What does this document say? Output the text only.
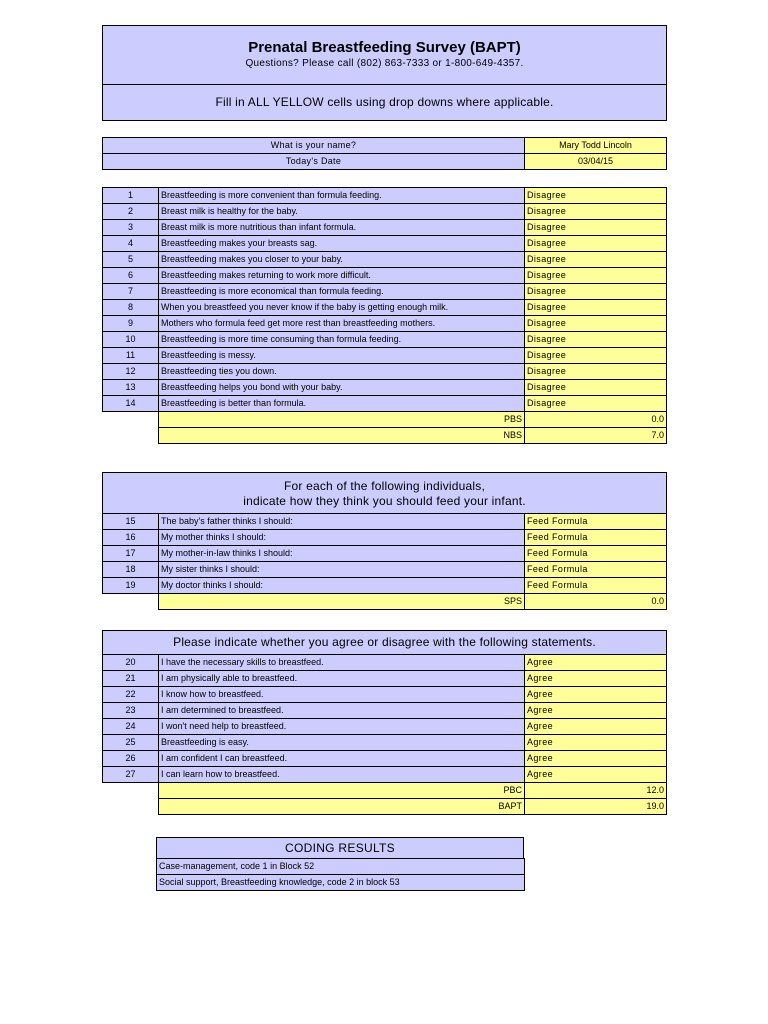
Prenatal Breastfeeding Survey (BAPT)
Questions? Please call (802) 863-7333 or 1-800-649-4357.
Fill in ALL YELLOW cells using drop downs where applicable.
What is your name?	Mary Todd Lincoln
Today's Date	03/04/15
1	Breastfeeding is more convenient than formula feeding.	Disagree
2	Breast milk is healthy for the baby.	Disagree
3	Breast milk is more nutritious than infant formula.	Disagree
4	Breastfeeding makes your breasts sag.	Disagree
5	Breastfeeding makes you closer to your baby.	Disagree
6	Breastfeeding makes returning to work more difficult.	Disagree
7	Breastfeeding is more economical than formula feeding.	Disagree
8	When you breastfeed you never know if the baby is getting enough milk.	Disagree
9	Mothers who formula feed get more rest than breastfeeding mothers.	Disagree
10	Breastfeeding is more time consuming than formula feeding.	Disagree
11	Breastfeeding is messy.	Disagree
12	Breastfeeding ties you down.	Disagree
13	Breastfeeding helps you bond with your baby.	Disagree
14	Breastfeeding is better than formula.	Disagree
	PBS	0.0
	NBS	7.0
For each of the following individuals,
indicate how they think you should feed your infant.
15	The baby's father thinks I should:	Feed Formula
16	My mother thinks I should:	Feed Formula
17	My mother-in-law thinks I should:	Feed Formula
18	My sister thinks I should:	Feed Formula
19	My doctor thinks I should:	Feed Formula
	SPS	0.0
Please indicate whether you agree or disagree with the following statements.
20	I have the necessary skills to breastfeed.	Agree
21	I am physically able to breastfeed.	Agree
22	I know how to breastfeed.	Agree
23	I am determined to breastfeed.	Agree
24	I won't need help to breastfeed.	Agree
25	Breastfeeding is easy.	Agree
26	I am confident I can breastfeed.	Agree
27	I can learn how to breastfeed.	Agree
	PBC	12.0
	BAPT	19.0
CODING RESULTS
Case-management, code 1 in Block 52
Social support, Breastfeeding knowledge, code 2 in block 53
